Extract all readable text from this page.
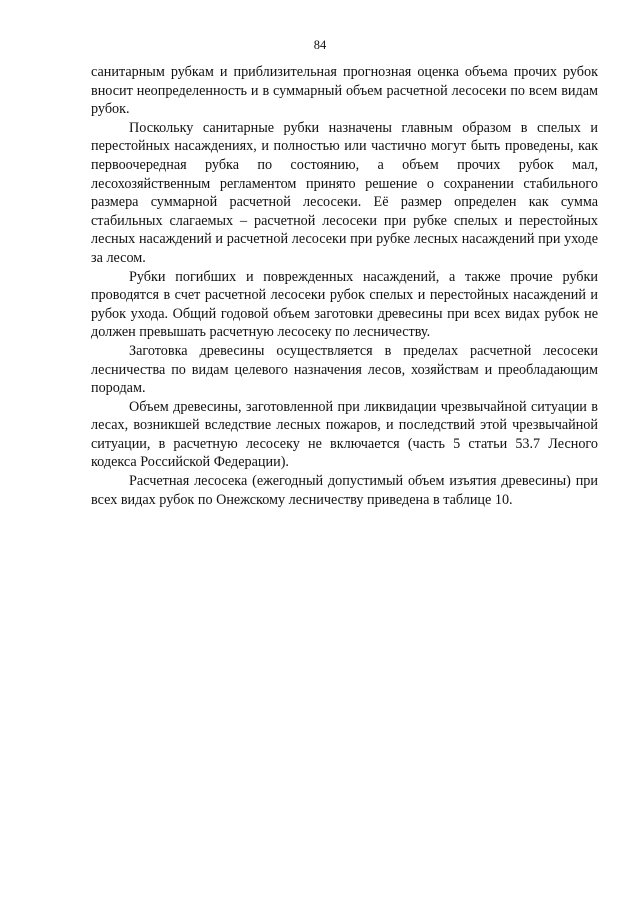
84

санитарным рубкам и приблизительная прогнозная оценка объема прочих рубок вносит неопределенность и в суммарный объем расчетной лесосеки по всем видам рубок.

Поскольку санитарные рубки назначены главным образом в спелых и перестойных насаждениях, и полностью или частично могут быть проведены, как первоочередная рубка по состоянию, а объем прочих рубок мал, лесохозяйственным регламентом принято решение о сохранении стабильного размера суммарной расчетной лесосеки. Её размер определен как сумма стабильных слагаемых – расчетной лесосеки при рубке спелых и перестойных лесных насаждений и расчетной лесосеки при рубке лесных насаждений при уходе за лесом.

Рубки погибших и поврежденных насаждений, а также прочие рубки проводятся в счет расчетной лесосеки рубок спелых и перестойных насаждений и рубок ухода. Общий годовой объем заготовки древесины при всех видах рубок не должен превышать расчетную лесосеку по лесничеству.

Заготовка древесины осуществляется в пределах расчетной лесосеки лесничества по видам целевого назначения лесов, хозяйствам и преобладающим породам.

Объем древесины, заготовленной при ликвидации чрезвычайной ситуации в лесах, возникшей вследствие лесных пожаров, и последствий этой чрезвычайной ситуации, в расчетную лесосеку не включается (часть 5 статьи 53.7 Лесного кодекса Российской Федерации).

Расчетная лесосека (ежегодный допустимый объем изъятия древесины) при всех видах рубок по Онежскому лесничеству приведена в таблице 10.
